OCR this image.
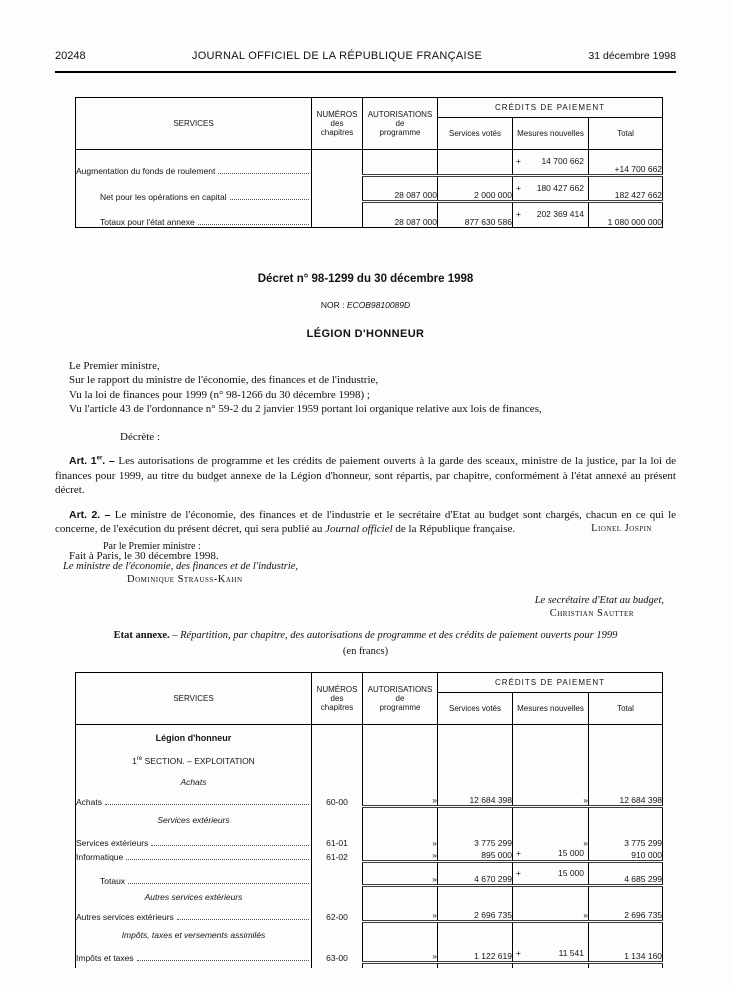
20248	JOURNAL OFFICIEL DE LA RÉPUBLIQUE FRANÇAISE	31 décembre 1998
SERVICES	NUMÉROS
des
chapitres	AUTORISATIONS
de
programme	CRÉDITS DE PAIEMENT		
			Services votés	Mesures nouvelles	Total

Augmentation du fonds de roulement				+ 14 700 662	+14 700 662

Net pour les opérations en capital		28 087 000	2 000 000	+ 180 427 662	182 427 662

Totaux pour l'état annexe		28 087 000	877 630 586	+ 202 369 414	1 080 000 000
Décret n° 98-1299 du 30 décembre 1998
NOR : ECOB9810089D
LÉGION D'HONNEUR

Le Premier ministre,

Sur le rapport du ministre de l'économie, des finances et de l'industrie,

Vu la loi de finances pour 1999 (n° 98-1266 du 30 décembre 1998) ;

Vu l'article 43 de l'ordonnance n° 59-2 du 2 janvier 1959 portant loi organique relative aux lois de finances,

Décrète :

Art. 1er. – Les autorisations de programme et les crédits de paiement ouverts à la garde des sceaux, ministre de la justice, par la loi de finances pour 1999, au titre du budget annexe de la Légion d'honneur, sont répartis, par chapitre, conformément à l'état annexé au présent décret.

Art. 2. – Le ministre de l'économie, des finances et de l'industrie et le secrétaire d'Etat au budget sont chargés, chacun en ce qui le concerne, de l'exécution du présent décret, qui sera publié au Journal officiel de la République française.

Fait à Paris, le 30 décembre 1998.
Lionel Jospin
Par le Premier ministre :
Le ministre de l'économie, des finances et de l'industrie,
Dominique Strauss-Kahn
Le secrétaire d'Etat au budget,
Christian Sautter
Etat annexe. – Répartition, par chapitre, des autorisations de programme et des crédits de paiement ouverts pour 1999
(en francs)
SERVICES	NUMÉROS
des
chapitres	AUTORISATIONS
de
programme	CRÉDITS DE PAIEMENT		
			Services votés	Mesures nouvelles	Total
Légion d'honneur					
1re SECTION. – EXPLOITATION					
Achats					

Achats	60-00	»	12 684 398	»	12 684 398
Services extérieurs					

Services extérieurs	61-01	»	3 775 299	»	3 775 299

Informatique	61-02	»	895 000	+ 15 000	910 000

Totaux		»	4 670 299	+ 15 000	4 685 299
Autres services extérieurs					

Autres services extérieurs	62-00	»	2 696 735	»	2 696 735
Impôts, taxes et versements assimilés					

Impôts et taxes	63-00	»	1 122 619	+ 11 541	1 134 160
